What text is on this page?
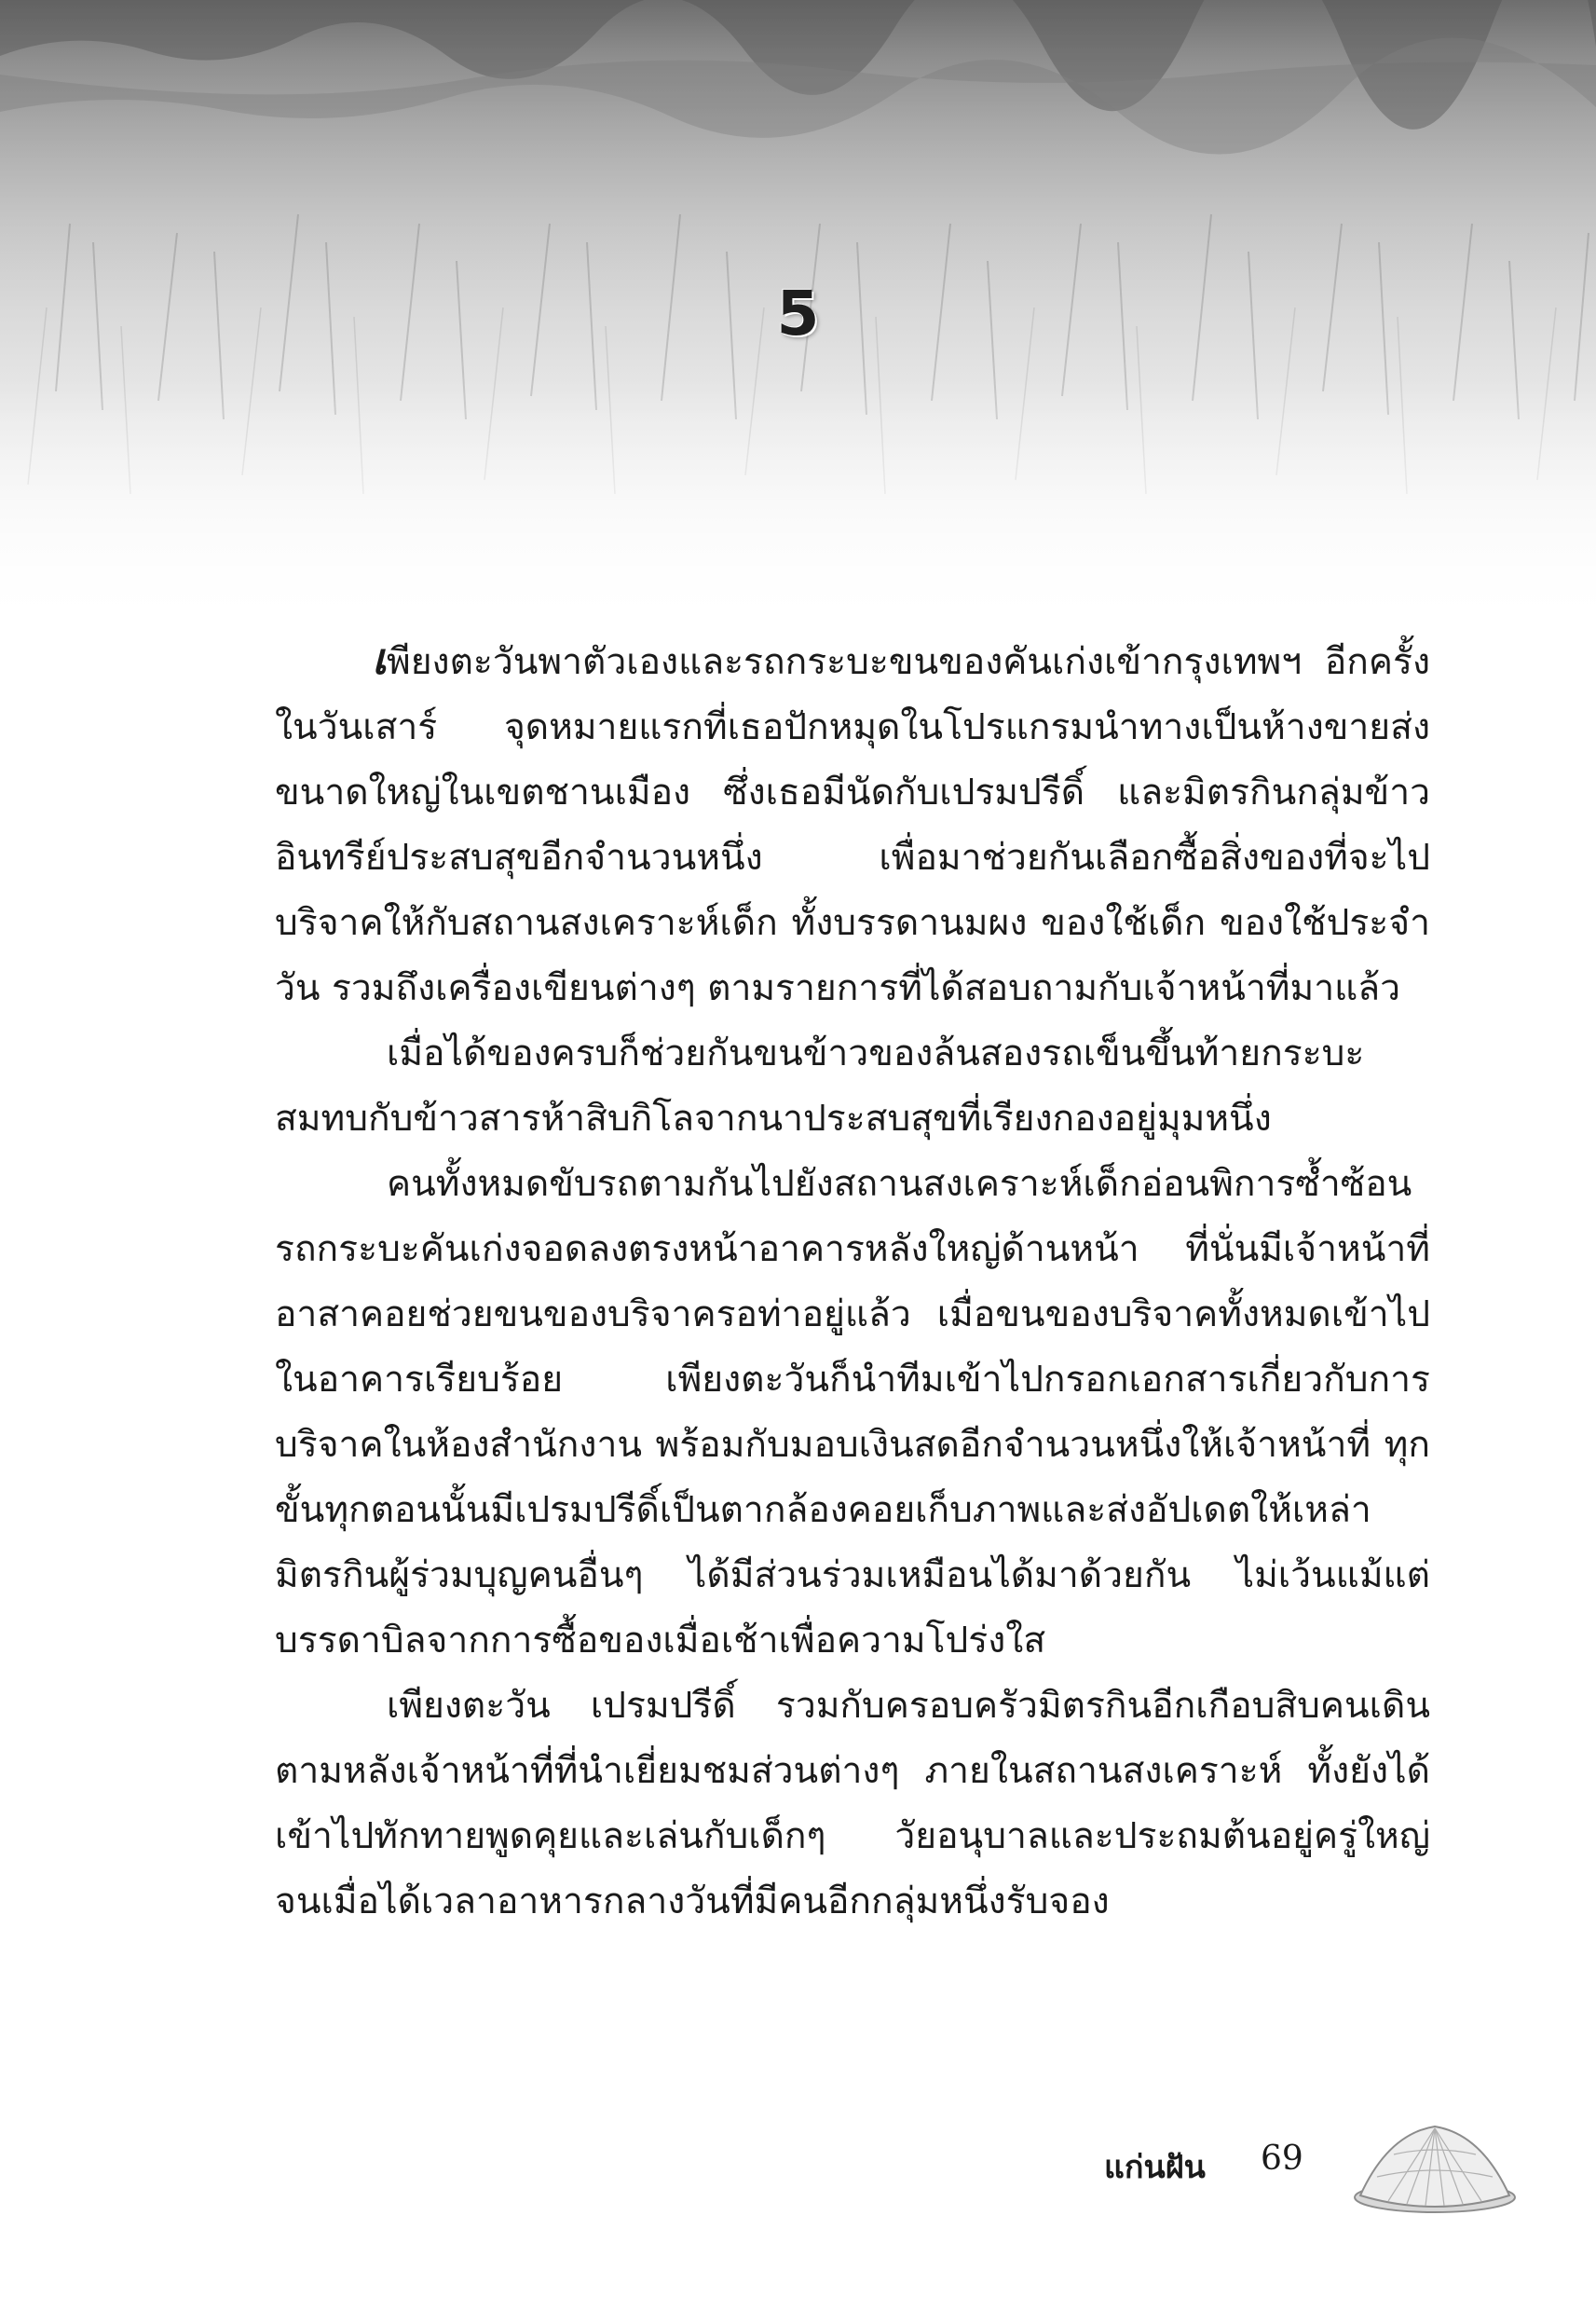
5

เพียงตะวันพาตัวเองและรถกระบะขนของคันเก่งเข้ากรุงเทพฯ อีกครั้งในวันเสาร์ จุดหมายแรกที่เธอปักหมุดในโปรแกรมนำทางเป็นห้างขายส่งขนาดใหญ่ในเขตชานเมือง ซึ่งเธอมีนัดกับเปรมปรีดิ์ และมิตรกินกลุ่มข้าวอินทรีย์ประสบสุขอีกจำนวนหนึ่ง เพื่อมาช่วยกันเลือกซื้อสิ่งของที่จะไปบริจาคให้กับสถานสงเคราะห์เด็ก ทั้งบรรดานมผง ของใช้เด็ก ของใช้ประจำวัน รวมถึงเครื่องเขียนต่างๆ ตามรายการที่ได้สอบถามกับเจ้าหน้าที่มาแล้ว

เมื่อได้ของครบก็ช่วยกันขนข้าวของล้นสองรถเข็นขึ้นท้ายกระบะ สมทบกับข้าวสารห้าสิบกิโลจากนาประสบสุขที่เรียงกองอยู่มุมหนึ่ง

คนทั้งหมดขับรถตามกันไปยังสถานสงเคราะห์เด็กอ่อนพิการซ้ำซ้อน รถกระบะคันเก่งจอดลงตรงหน้าอาคารหลังใหญ่ด้านหน้า ที่นั่นมีเจ้าหน้าที่อาสาคอยช่วยขนของบริจาครอท่าอยู่แล้ว เมื่อขนของบริจาคทั้งหมดเข้าไปในอาคารเรียบร้อย เพียงตะวันก็นำทีมเข้าไปกรอกเอกสารเกี่ยวกับการบริจาคในห้องสำนักงาน พร้อมกับมอบเงินสดอีกจำนวนหนึ่งให้เจ้าหน้าที่ ทุกขั้นทุกตอนนั้นมีเปรมปรีดิ์เป็นตากล้องคอยเก็บภาพและส่งอัปเดตให้เหล่ามิตรกินผู้ร่วมบุญคนอื่นๆ ได้มีส่วนร่วมเหมือนได้มาด้วยกัน ไม่เว้นแม้แต่บรรดาบิลจากการซื้อของเมื่อเช้าเพื่อความโปร่งใส

เพียงตะวัน เปรมปรีดิ์ รวมกับครอบครัวมิตรกินอีกเกือบสิบคนเดินตามหลังเจ้าหน้าที่ที่นำเยี่ยมชมส่วนต่างๆ ภายในสถานสงเคราะห์ ทั้งยังได้เข้าไปทักทายพูดคุยและเล่นกับเด็กๆ วัยอนุบาลและประถมต้นอยู่ครู่ใหญ่ จนเมื่อได้เวลาอาหารกลางวันที่มีคนอีกกลุ่มหนึ่งรับจอง

แก่นฝัน 69
